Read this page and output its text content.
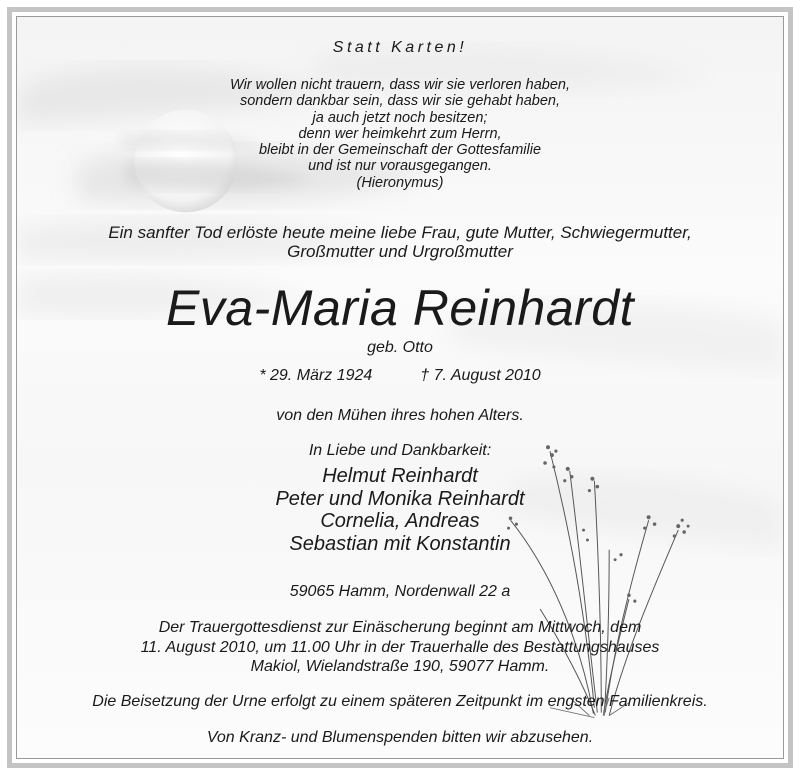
Statt Karten!
Wir wollen nicht trauern, dass wir sie verloren haben,
sondern dankbar sein, dass wir sie gehabt haben,
ja auch jetzt noch besitzen;
denn wer heimkehrt zum Herrn,
bleibt in der Gemeinschaft der Gottesfamilie
und ist nur vorausgegangen.
(Hieronymus)
Ein sanfter Tod erlöste heute meine liebe Frau, gute Mutter, Schwiegermutter,
Großmutter und Urgroßmutter
Eva-Maria Reinhardt
geb. Otto
* 29. März 1924	† 7. August 2010
von den Mühen ihres hohen Alters.
In Liebe und Dankbarkeit:
Helmut Reinhardt
Peter und Monika Reinhardt
Cornelia, Andreas
Sebastian mit Konstantin
59065 Hamm, Nordenwall 22 a
Der Trauergottesdienst zur Einäscherung beginnt am Mittwoch, dem
11. August 2010, um 11.00 Uhr in der Trauerhalle des Bestattungshauses
Makiol, Wielandstraße 190, 59077 Hamm.
Die Beisetzung der Urne erfolgt zu einem späteren Zeitpunkt im engsten Familienkreis.
Von Kranz- und Blumenspenden bitten wir abzusehen.
